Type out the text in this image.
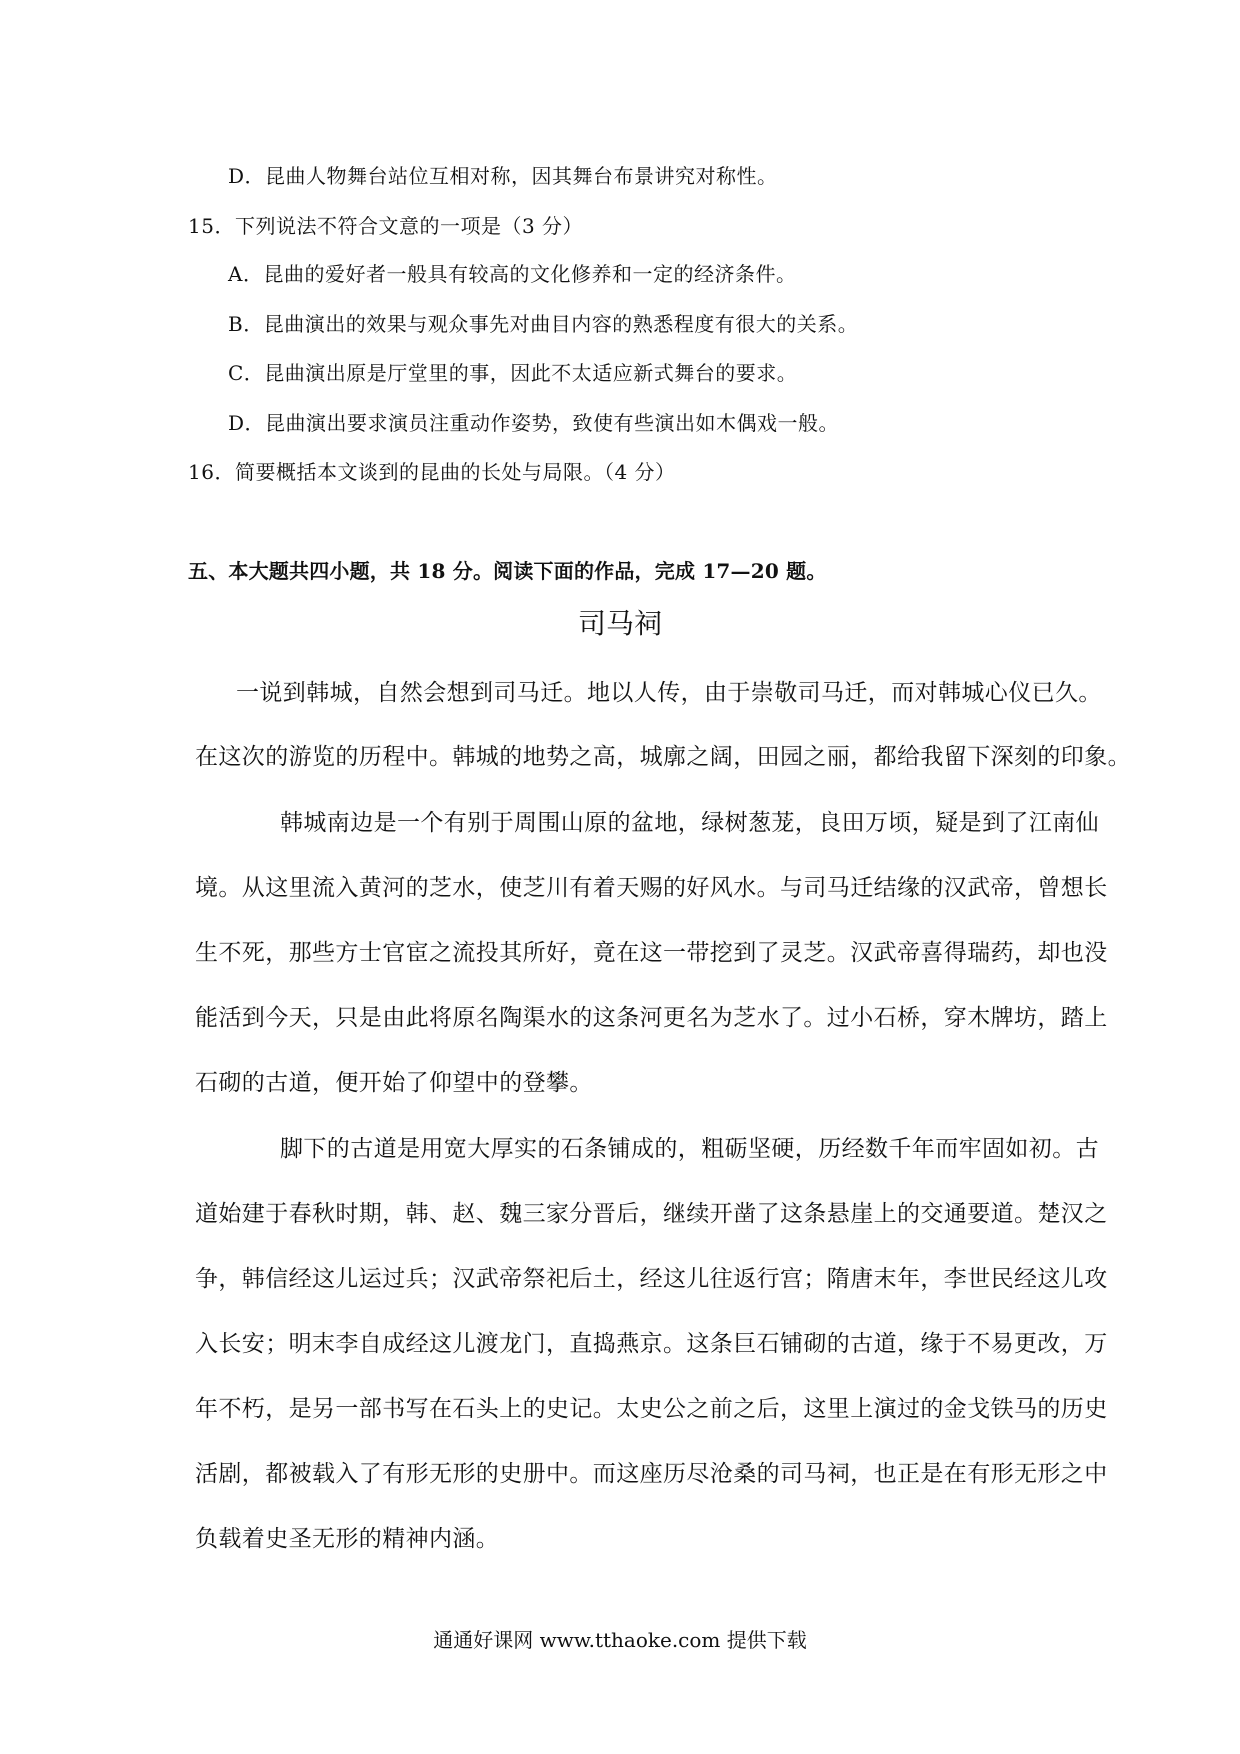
D．昆曲人物舞台站位互相对称，因其舞台布景讲究对称性。
15．下列说法不符合文意的一项是（3 分）
A．昆曲的爱好者一般具有较高的文化修养和一定的经济条件。
B．昆曲演出的效果与观众事先对曲目内容的熟悉程度有很大的关系。
C．昆曲演出原是厅堂里的事，因此不太适应新式舞台的要求。
D．昆曲演出要求演员注重动作姿势，致使有些演出如木偶戏一般。
16．简要概括本文谈到的昆曲的长处与局限。（4 分）
五、本大题共四小题，共 18 分。阅读下面的作品，完成 17—20 题。
司马祠
一说到韩城，自然会想到司马迁。地以人传，由于崇敬司马迁，而对韩城心仪已久。
在这次的游览的历程中。韩城的地势之高，城廓之阔，田园之丽，都给我留下深刻的印象。
韩城南边是一个有别于周围山原的盆地，绿树葱茏，良田万顷，疑是到了江南仙
境。从这里流入黄河的芝水，使芝川有着天赐的好风水。与司马迁结缘的汉武帝，曾想长
生不死，那些方士官宦之流投其所好，竟在这一带挖到了灵芝。汉武帝喜得瑞药，却也没
能活到今天，只是由此将原名陶渠水的这条河更名为芝水了。过小石桥，穿木牌坊，踏上
石砌的古道，便开始了仰望中的登攀。
脚下的古道是用宽大厚实的石条铺成的，粗砺坚硬，历经数千年而牢固如初。古
道始建于春秋时期，韩、赵、魏三家分晋后，继续开凿了这条悬崖上的交通要道。楚汉之
争，韩信经这儿运过兵；汉武帝祭祀后土，经这儿往返行宫；隋唐末年，李世民经这儿攻
入长安；明末李自成经这儿渡龙门，直捣燕京。这条巨石铺砌的古道，缘于不易更改，万
年不朽，是另一部书写在石头上的史记。太史公之前之后，这里上演过的金戈铁马的历史
活剧，都被载入了有形无形的史册中。而这座历尽沧桑的司马祠，也正是在有形无形之中
负载着史圣无形的精神内涵。
通通好课网 www.tthaoke.com 提供下载
